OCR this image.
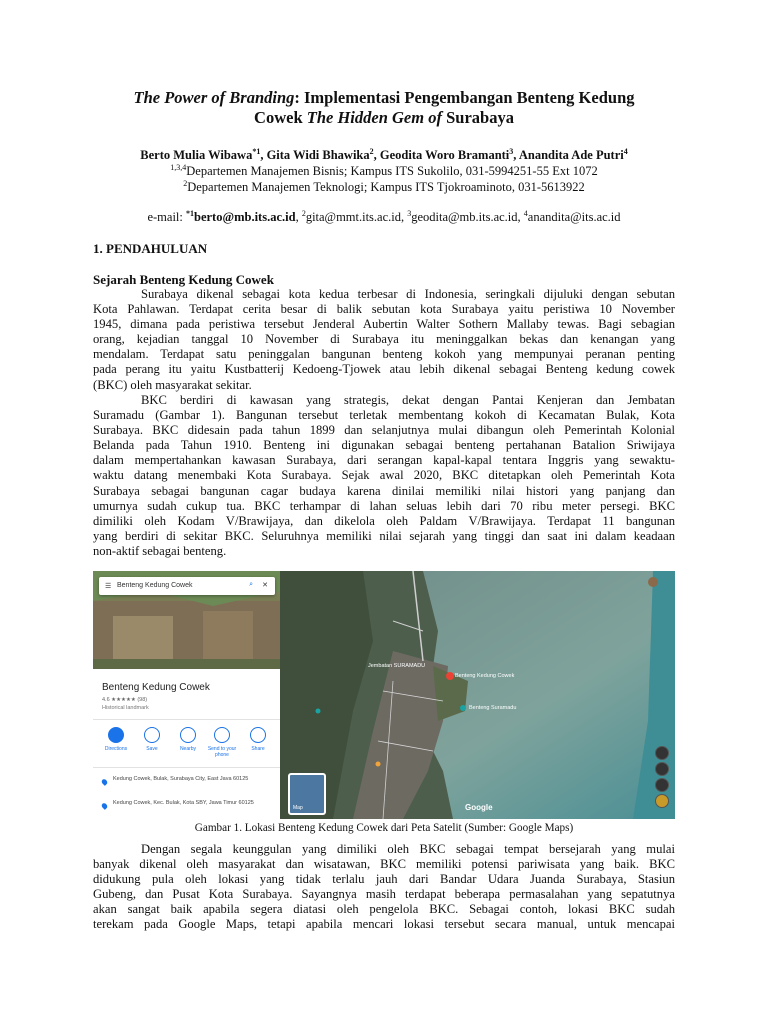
The Power of Branding: Implementasi Pengembangan Benteng Kedung
Cowek The Hidden Gem of Surabaya
Berto Mulia Wibawa$^{*1}$, Gita Widi Bhawika$^2$, Geodita Woro Bramanti$^3$, Anandita Ade Putri$^4$
$^{1,3,4}$Departemen Manajemen Bisnis; Kampus ITS Sukolilo, 031-5994251-55 Ext 1072
$^2$Departemen Manajemen Teknologi; Kampus ITS Tjokroaminoto, 031-5613922
e-mail: $^{*1}$berto@mb.its.ac.id, $^2$gita@mmt.its.ac.id, $^3$geodita@mb.its.ac.id, $^4$anandita@its.ac.id
1. PENDAHULUAN
Sejarah Benteng Kedung Cowek
Surabaya dikenal sebagai kota kedua terbesar di Indonesia, seringkali dijuluki dengan sebutan
Kota Pahlawan. Terdapat cerita besar di balik sebutan kota Surabaya yaitu peristiwa 10 November
1945, dimana pada peristiwa tersebut Jenderal Aubertin Walter Sothern Mallaby tewas. Bagi sebagian
orang, kejadian tanggal 10 November di Surabaya itu meninggalkan bekas dan kenangan yang
mendalam. Terdapat satu peninggalan bangunan benteng kokoh yang mempunyai peranan penting
pada perang itu yaitu Kustbatterij Kedoeng-Tjowek atau lebih dikenal sebagai Benteng kedung cowek
(BKC) oleh masyarakat sekitar.
BKC berdiri di kawasan yang strategis, dekat dengan Pantai Kenjeran dan Jembatan
Suramadu (Gambar 1). Bangunan tersebut terletak membentang kokoh di Kecamatan Bulak, Kota
Surabaya. BKC didesain pada tahun 1899 dan selanjutnya mulai dibangun oleh Pemerintah Kolonial
Belanda pada Tahun 1910. Benteng ini digunakan sebagai benteng pertahanan Batalion Sriwijaya
dalam mempertahankan kawasan Surabaya, dari serangan kapal-kapal tentara Inggris yang sewaktu-
waktu datang menembaki Kota Surabaya. Sejak awal 2020, BKC ditetapkan oleh Pemerintah Kota
Surabaya sebagai bangunan cagar budaya karena dinilai memiliki nilai histori yang panjang dan
umurnya sudah cukup tua. BKC terhampar di lahan seluas lebih dari 70 ribu meter persegi. BKC
dimiliki oleh Kodam V/Brawijaya, dan dikelola oleh Paldam V/Brawijaya. Terdapat 11 bangunan
yang berdiri di sekitar BKC. Seluruhnya memiliki nilai sejarah yang tinggi dan saat ini dalam keadaan
non-aktif sebagai benteng.
Jembatan SURAMADU
Benteng Kedung Cowek
Benteng Suramadu
Google
Map
☰ Benteng Kedung Cowek	⌕ ✕
Benteng Kedung Cowek
4.6 ★★★★★ (98)
Historical landmark
Directions	Save	Nearby	Send to your phone
Share
Kedung Cowek, Bulak, Surabaya City, East Java 60125
Kedung Cowek, Kec. Bulak, Kota SBY, Jawa Timur 60125
Gambar 1. Lokasi Benteng Kedung Cowek dari Peta Satelit (Sumber: Google Maps)
Dengan segala keunggulan yang dimiliki oleh BKC sebagai tempat bersejarah yang mulai
banyak dikenal oleh masyarakat dan wisatawan, BKC memiliki potensi pariwisata yang baik. BKC
didukung pula oleh lokasi yang tidak terlalu jauh dari Bandar Udara Juanda Surabaya, Stasiun
Gubeng, dan Pusat Kota Surabaya. Sayangnya masih terdapat beberapa permasalahan yang sepatutnya
akan sangat baik apabila segera diatasi oleh pengelola BKC. Sebagai contoh, lokasi BKC sudah
terekam pada Google Maps, tetapi apabila mencari lokasi tersebut secara manual, untuk mencapai
